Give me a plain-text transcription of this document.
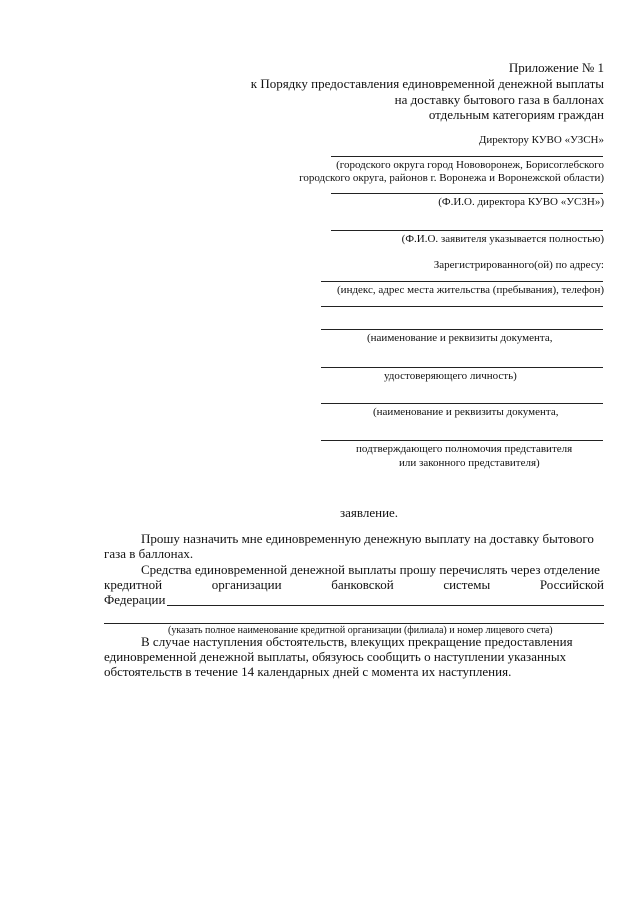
Приложение № 1
к Порядку предоставления единовременной денежной выплаты
на доставку бытового газа в баллонах
отдельным категориям граждан
Директору КУВО «УЗСН»
(городского округа город Нововоронеж, Борисоглебского
городского округа, районов г. Воронежа и Воронежской области)
(Ф.И.О. директора КУВО «УСЗН»)
(Ф.И.О. заявителя указывается полностью)
Зарегистрированного(ой) по адресу:
(индекс, адрес места жительства (пребывания), телефон)
(наименование и реквизиты документа,
удостоверяющего личность)
(наименование и реквизиты документа,
подтверждающего полномочия представителя
или законного представителя)
заявление.
Прошу назначить мне единовременную денежную выплату на доставку бытового
газа в баллонах.
Средства единовременной денежной выплаты прошу перечислять через отделение
кредитной	организации	банковской	системы	Российской
Федерации
(указать полное наименование кредитной организации (филиала) и номер лицевого счета)
В случае наступления обстоятельств, влекущих прекращение предоставления
единовременной денежной выплаты, обязуюсь сообщить о наступлении указанных
обстоятельств в течение 14 календарных дней с момента их наступления.
